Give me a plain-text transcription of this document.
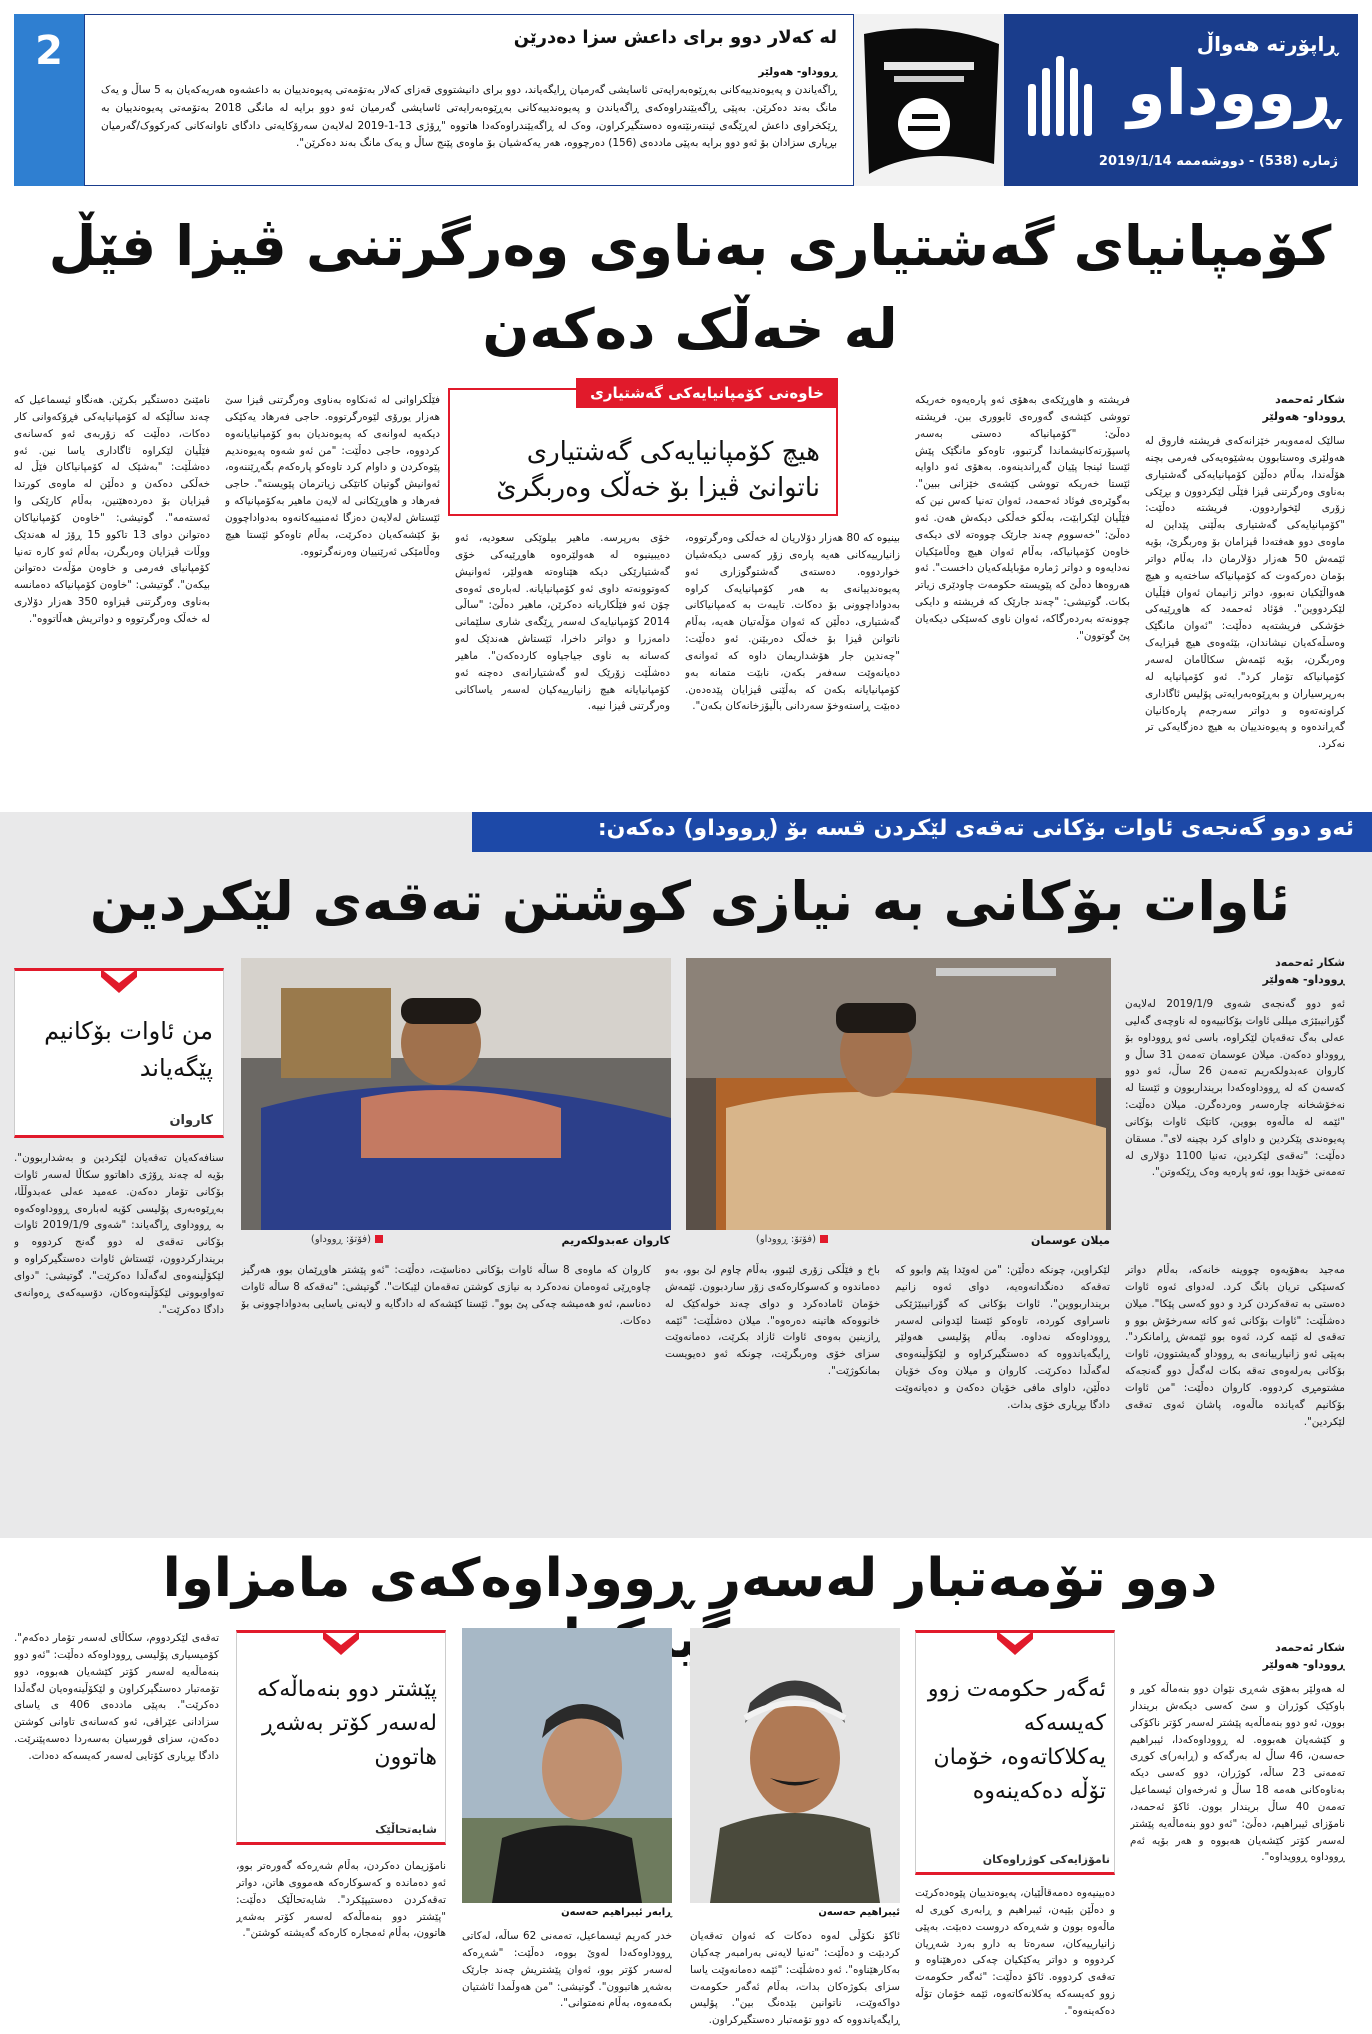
2	لە کەلار دوو برای داعش سزا دەدرێن
ڕووداو- هەولێر
ڕاگەیاندن و پەیوەندییەکانی بەڕێوەبەرایەتی ئاسایشی گەرمیان ڕایگەیاند، دوو برای دانیشتووی قەزای کەلار بەتۆمەتی پەیوەندییان بە داعشەوە هەریەکەیان بە 5 ساڵ و یەک مانگ بەند دەکرێن. بەپێی ڕاگەیێندراوەکەی ڕاگەیاندن و پەیوەندییەکانی بەڕێوەبەرایەتی ئاسایشی گەرمیان ئەو دوو برایە لە مانگی 2018 بەتۆمەتی پەیوەندییان بە ڕێکخراوی داعش لەڕێگەی ئینتەرنێتەوە دەستگیرکراون، وەک لە ڕاگەیێندراوەکەدا هاتووە "ڕۆژی 13-1-2019 لەلایەن سەرۆکایەتی دادگای تاوانەکانی کەرکووک/گەرمیان بڕیاری سزادان بۆ ئەو دوو برایە بەپێی ماددەی (156) دەرچووە، هەر یەکەشیان بۆ ماوەی پێنج ساڵ و یەک مانگ بەند دەکرێن".
ڕاپۆرتە هەواڵ
ڕووداو
ژمارە (538) - دووشەممە 2019/1/14
کۆمپانیای گەشتیاری بەناوی وەرگرتنی ڤیزا فێڵ لە خەڵک دەکەن
شکار ئەحمەد
ڕووداو- هەولێر

سالێک لەمەوبەر خێزانەکەی فریشتە فاروق لە هەولێری وەستابوون بەشێوەیەکی فەرمی بچنە هۆڵەندا، بەڵام دەڵێن کۆمپانیایەکی گەشتیاری بەناوی وەرگرتنی ڤیزا فێڵی لێکردوون و بڕێکی زۆری لێخواردوون. فریشتە دەڵێت: "کۆمپانیایەکی گەشتیاری بەڵێنی پێداین لە ماوەی دوو هەفتەدا ڤیزامان بۆ وەربگرێ، بۆیە ئێمەش 50 هەزار دۆلارمان دا، بەڵام دواتر بۆمان دەرکەوت کە کۆمپانیاکە ساختەیە و هیچ هەواڵێکیان نەبوو، دواتر زانیمان ئەوان فێڵیان لێکردووین". فۆئاد ئەحمەد کە هاوڕێیەکی خۆشکی فریشتەیە دەڵێت: "ئەوان مانگێک وەسڵەکەیان نیشاندان، بێئەوەی هیچ ڤیزایەک وەربگرن، بۆیە ئێمەش سکاڵامان لەسەر کۆمپانیاکە تۆمار کرد". ئەو کۆمپانیایە لە بەرپرسیاران و بەڕێوەبەرایەتی پۆلیس ئاگاداری کراونەتەوە و دواتر سەرجەم پارەکانیان گەڕاندەوە و پەیوەندییان بە هیچ دەزگایەکی تر نەکرد.

فریشتە و هاوڕێکەی بەهۆی ئەو پارەیەوە خەریکە تووشی کێشەی گەورەی ئابووری ببن. فریشتە دەڵێ: "کۆمپانیاکە دەستی بەسەر پاسپۆرتەکانیشماندا گرتبوو، تاوەکو مانگێک پێش ئێستا ئینجا پێیان گەڕاندینەوە. بەهۆی ئەو داوایە ئێستا خەریکە تووشی کێشەی خێزانی ببین". بەگوێرەی فوئاد ئەحمەد، ئەوان تەنیا کەس نین کە فێڵیان لێکرابێت، بەڵکو خەڵکی دیکەش هەن. ئەو دەڵێ: "خەسووم چەند جارێک چووەتە لای دیکەی خاوەن کۆمپانیاکە، بەڵام ئەوان هیچ وەڵامێکیان نەدایەوە و دواتر ژمارە مۆبایلەکەیان داخست". ئەو هەروەها دەڵێ کە پێویستە حکومەت چاودێری زیاتر بکات. گوتیشی: "چەند جارێک کە فریشتە و دایکی چوونەتە بەردەرگاکە، ئەوان ناوی کەسێکی دیکەیان پێ گوتوون".

خاوەنی کۆمپانیایەکی گەشتیاری
هیچ کۆمپانیایەکی گەشتیاری ناتوانێ ڤیزا بۆ خەڵک وەربگرێ

بینیوە کە 80 هەزار دۆلاریان لە خەڵکی وەرگرتووە، زانیارییەکانی هەیە پارەی زۆر کەسی دیکەشیان خواردووە. دەستەی گەشتوگوزاری ئەو پەیوەندییانەی بە هەر کۆمپانیایەک کراوە بەدواداچوونی بۆ دەکات. تایبەت بە کەمپانیاکانی گەشتیاری، دەڵێن کە ئەوان مۆڵەتیان هەیە، بەڵام ناتوانن ڤیزا بۆ خەڵک دەربێنن. ئەو دەڵێت: "چەندین جار هۆشداریمان داوە کە ئەوانەی دەیانەوێت سەفەر بکەن، نابێت متمانە بەو کۆمپانیایانە بکەن کە بەڵێنی ڤیزایان پێدەدەن. دەبێت ڕاستەوخۆ سەردانی باڵیۆزخانەکان بکەن".

خۆی بەرپرسە. ماهیر بیلوێکی سعودیە، ئەو دەیبینیوە لە هەولێرەوە هاوڕێیەکی خۆی گەشتیارێکی دیکە هێناوەتە هەولێر، ئەوانیش کەوتوونەتە داوی ئەو کۆمپانیایانە. لەبارەی ئەوەی چۆن ئەو فێڵکاریانە دەکرێن، ماهیر دەڵێ: "ساڵی 2014 کۆمپانیایەک لەسەر ڕێگەی شاری سلێمانی دامەزرا و دواتر داخرا، ئێستاش هەندێک لەو کەسانە بە ناوی جیاجیاوە کاردەکەن". ماهیر دەشڵێت زۆرێک لەو گەشتیارانەی دەچنە ئەو کۆمپانیایانە هیچ زانیارییەکیان لەسەر یاساکانی وەرگرتنی ڤیزا نییە.

فێڵکراوانی لە ئەنکاوە بەناوی وەرگرتنی ڤیزا سێ هەزار یورۆی لێوەرگرتووە. حاجی فەرهاد یەکێکی دیکەیە لەوانەی کە پەیوەندیان بەو کۆمپانیایانەوە کردووە، حاجی دەڵێت: "من ئەو شەوە پەیوەندیم پێوەکردن و داوام کرد تاوەکو پارەکەم بگەڕێننەوە، ئەوانیش گوتیان کاتێکی زیاترمان پێویستە". حاجی فەرهاد و هاوڕێکانی لە لایەن ماهیر بەکۆمپانیاکە و ئێستاش لەلایەن دەزگا ئەمنییەکانەوە بەدواداچوون بۆ کێشەکەیان دەکرێت، بەڵام تاوەکو ئێستا هیچ وەڵامێکی ئەرێنییان وەرنەگرتووە.

نامێنێ دەستگیر بکرێن. هەنگاو ئیسماعیل کە چەند ساڵێکە لە کۆمپانیایەکی فڕۆکەوانی کار دەکات، دەڵێت کە زۆربەی ئەو کەسانەی فێڵیان لێکراوە ئاگاداری یاسا نین. ئەو دەشڵێت: "بەشێک لە کۆمپانیاکان فێڵ لە خەڵکی دەکەن و دەڵێن لە ماوەی کورتدا ڤیزایان بۆ دەردەهێنین، بەڵام کارێکی وا ئەستەمە". گوتیشی: "خاوەن کۆمپانیاکان دەتوانن دوای 13 تاکوو 15 ڕۆژ لە هەندێک ووڵات ڤیزایان وەربگرن، بەڵام ئەو کارە تەنیا کۆمپانیای فەرمی و خاوەن مۆڵەت دەتوانن بیکەن". گوتیشی: "خاوەن کۆمپانیاکە دەمانسە بەناوی وەرگرتنی ڤیزاوە 350 هەزار دۆلاری لە خەڵک وەرگرتووە و دواتریش هەڵاتووە".

ئەو دوو گەنجەی ئاوات بۆکانی تەقەی لێکردن قسە بۆ (ڕووداو) دەکەن:
ئاوات بۆکانی بە نیازی کوشتن تەقەی لێکردین
شکار ئەحمەد
ڕووداو- هەولێر

ئەو دوو گەنجەی شەوی 2019/1/9 لەلایەن گۆرانیبێژی میللی ئاوات بۆکانییەوە لە ناوچەی گەلیی عەلی بەگ تەقەیان لێکراوە، باسی ئەو ڕووداوە بۆ ڕووداو دەکەن. میلان عوسمان تەمەن 31 ساڵ و کاروان عەبدولکەریم تەمەن 26 ساڵ، ئەو دوو کەسەن کە لە ڕووداوەکەدا برینداربوون و ئێستا لە نەخۆشخانە چارەسەر وەردەگرن. میلان دەڵێت: "ئێمە لە ماڵەوە بووین، کاتێک ئاوات بۆکانی پەیوەندی پێکردین و داوای کرد بچینە لای". مسقان دەڵێت: "تەقەی لێکردین، تەنیا 1100 دۆلاری لە تەمەنی خۆیدا بوو، ئەو پارەیە وەک ڕێکەوتن".

میلان عوسمان
(فۆتۆ: ڕووداو)
کاروان عەبدولکەریم
(فۆتۆ: ڕووداو)
من ئاوات بۆکانیم پێگەیاند
کاروان

مەجید بەهۆیەوە چووینە خانەکە، بەڵام دواتر کەسێکی تریان بانگ کرد. لەدوای ئەوە ئاوات دەستی بە تەقەکردن کرد و دوو کەسی پێکا". میلان دەشڵێت: "ئاوات بۆکانی ئەو کاتە سەرخۆش بوو و تەقەی لە ئێمە کرد، ئەوە بوو ئێمەش ڕامانکرد". بەپێی ئەو زانیارییانەی بە ڕووداو گەیشتوون، ئاوات بۆکانی بەرلەوەی تەقە بکات لەگەڵ دوو گەنجەکە مشتومڕی کردووە. کاروان دەڵێت: "من ئاوات بۆکانیم گەیاندە ماڵەوە، پاشان ئەوی تەقەی لێکردین".

لێکراوین، چونکە دەڵێن: "من لەوێدا پێم وابوو کە تەقەکە دەنگدانەوەیە، دوای ئەوە زانیم برینداربووین". ئاوات بۆکانی کە گۆرانیبێژێکی ناسراوی کوردە، تاوەکو ئێستا لێدوانی لەسەر ڕووداوەکە نەداوە. بەڵام پۆلیسی هەولێر ڕایگەیاندووە کە دەستگیرکراوە و لێکۆڵینەوەی لەگەڵدا دەکرێت. کاروان و میلان وەک خۆیان دەڵێن، داوای مافی خۆیان دەکەن و دەیانەوێت دادگا بڕیاری خۆی بدات.

باخ و فێڵکی زۆری لێبوو، بەڵام چاوم لێ بوو، بەو دەماندوە و کەسوکارەکەی زۆر ساردبوون. ئێمەش خۆمان ئامادەکرد و دوای چەند خولەکێک لە خانووەکە هاتینە دەرەوە". میلان دەشڵێت: "ئێمە ڕازینین بەوەی ئاوات ئازاد بکرێت، دەمانەوێت سزای خۆی وەربگرێت، چونکە ئەو دەیویست بمانکوژێت".

کاروان کە ماوەی 8 ساڵە ئاوات بۆکانی دەناسێت، دەڵێت: "ئەو پێشتر هاوڕێمان بوو، هەرگیز چاوەڕێی ئەوەمان نەدەکرد بە نیازی کوشتن تەقەمان لێبکات". گوتیشی: "تەقەکە 8 ساڵە ئاوات دەناسم، ئەو هەمیشە چەکی پێ بوو". ئێستا کێشەکە لە دادگایە و لایەنی یاسایی بەدواداچوونی بۆ دەکات.

سنافەکەیان تەقەیان لێکردین و بەشداربوون". بۆیە لە چەند ڕۆژی داهاتوو سکاڵا لەسەر ئاوات بۆکانی تۆمار دەکەن. عەمید عەلی عەبدوڵڵا، بەڕێوەبەری پۆلیسی کۆیە لەبارەی ڕووداوەکەوە بە ڕووداوی ڕاگەیاند: "شەوی 2019/1/9 ئاوات بۆکانی تەقەی لە دوو گەنج کردووە و بریندارکردوون، ئێستاش ئاوات دەستگیرکراوە و لێکۆڵینەوەی لەگەڵدا دەکرێت". گوتیشی: "دوای تەواوبوونی لێکۆڵینەوەکان، دۆسیەکەی ڕەوانەی دادگا دەکرێت".

دوو تۆمەتبار لەسەر ڕووداوەکەی مامزاوا
شکار ئەحمەد
ڕووداو- هەولێر

لە هەولێر بەهۆی شەڕی نێوان دوو بنەماڵە کوڕ و باوکێک کوژران و سێ کەسی دیکەش بریندار بوون، ئەو دوو بنەماڵەیە پێشتر لەسەر کۆتر ناکۆکی و کێشەیان هەبووە. لە ڕووداوەکەدا، ئیبراهیم حەسەن، 46 ساڵ لە بەرگەکە و (ڕابەر)ی کوڕی تەمەنی 23 ساڵە، کوژران، دوو کەسی دیکە بەناوەکانی هەمە 18 ساڵ و ئەرخەوان ئیسماعیل تەمەن 40 ساڵ بریندار بوون. ئاکۆ ئەحمەد، نامۆزای ئیبراهیم، دەڵێ: "ئەو دوو بنەماڵەیە پێشتر لەسەر کۆتر کێشەیان هەبووە و هەر بۆیە ئەم ڕووداوە ڕوویداوە".

ئەگەر حکومەت زوو کەیسەکە یەکلاکاتەوە، خۆمان تۆڵە دەکەینەوە
نامۆزایەکی کوژراوەکان

دەبینیەوە دەمەقاڵێیان، پەیوەندییان پێوەدەکرێت و دەڵێن بێیەن، ئیبراهیم و ڕابەری کوڕی لە ماڵەوە بوون و شەڕەکە دروست دەبێت. بەپێی زانیارییەکان، سەرەتا بە دارو بەرد شەڕیان کردووە و دواتر یەکێکیان چەکی دەرهێناوە و تەقەی کردووە. ئاکۆ دەڵێت: "ئەگەر حکومەت زوو کەیسەکە یەکلانەکاتەوە، ئێمە خۆمان تۆڵە دەکەینەوە".

ئیبراهیم حەسەن
ڕابەر ئیبراهیم حەسەن

ئاکۆ نکۆڵی لەوە دەکات کە ئەوان تەقەیان کردبێت و دەڵێت: "تەنیا لایەنی بەرامبەر چەکیان بەکارهێناوە". ئەو دەشڵێت: "ئێمە دەمانەوێت یاسا سزای بکوژەکان بدات، بەڵام ئەگەر حکومەت دواکەوێت، ناتوانین بێدەنگ بین". پۆلیس ڕایگەیاندووە کە دوو تۆمەتبار دەستگیرکراون.

خدر کەریم ئیسماعیل، تەمەنی 62 ساڵە، لەکاتی ڕووداوەکەدا لەوێ بووە، دەڵێت: "شەڕەکە لەسەر کۆتر بوو، ئەوان پێشتریش چەند جارێک بەشەڕ هاتبوون". گوتیشی: "من هەوڵمدا ئاشتیان بکەمەوە، بەڵام نەمتوانی".

پێشتر دوو بنەماڵەکە لەسەر کۆتر بەشەڕ هاتوون
شایەتحاڵێک

نامۆزیمان دەکردن، بەڵام شەڕەکە گەورەتر بوو، ئەو دەماندە و کەسوکارەکە هەمووی هاتن، دواتر تەقەکردن دەستیپێکرد". شایەتحاڵێک دەڵێت: "پێشتر دوو بنەماڵەکە لەسەر کۆتر بەشەڕ هاتوون، بەڵام ئەمجارە کارەکە گەیشتە کوشتن".

تەقەی لێکردووم، سکاڵای لەسەر تۆمار دەکەم". کۆمیسیاری پۆلیسی ڕووداوەکە دەڵێت: "ئەو دوو بنەماڵەیە لەسەر کۆتر کێشەیان هەبووە، دوو تۆمەتبار دەستگیرکراون و لێکۆڵینەوەیان لەگەڵدا دەکرێت". بەپێی ماددەی 406 ی یاسای سزادانی عێراقی، ئەو کەسانەی تاوانی کوشتن دەکەن، سزای قورسیان بەسەردا دەسەپێنرێت. دادگا بڕیاری کۆتایی لەسەر کەیسەکە دەدات.
